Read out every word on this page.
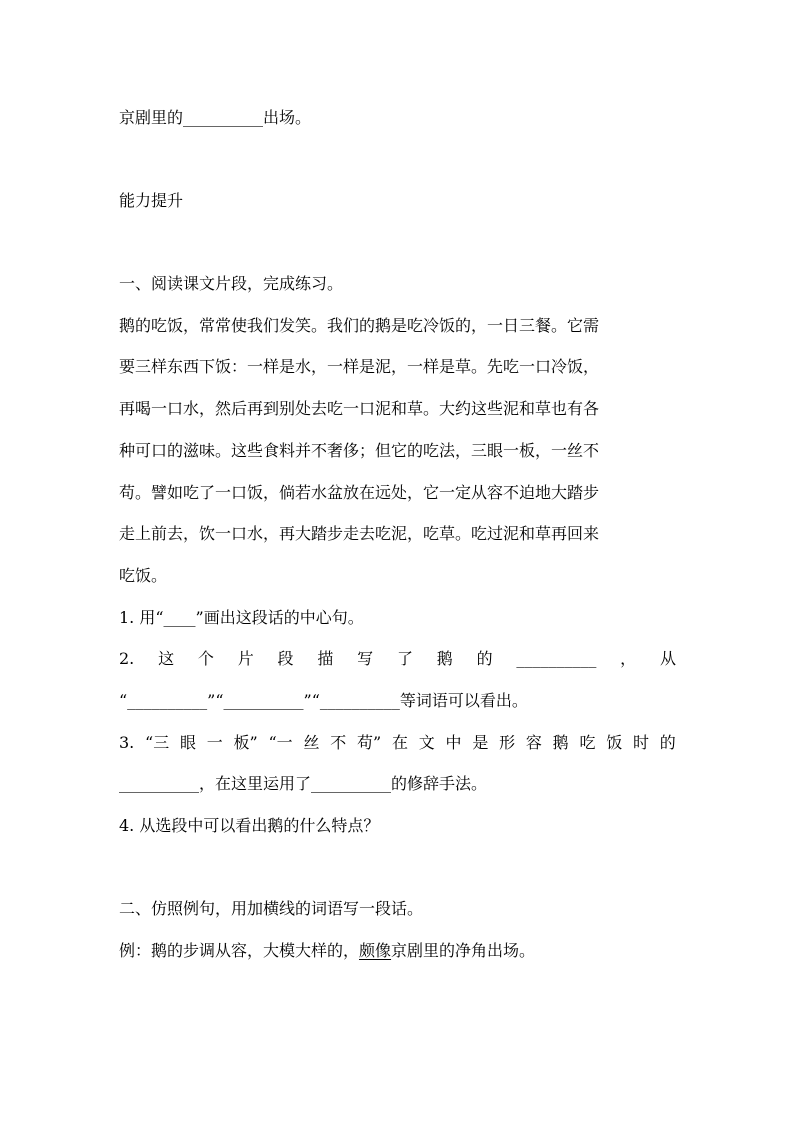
京剧里的__________出场。

能力提升

一、阅读课文片段，完成练习。

鹅的吃饭，常常使我们发笑。我们的鹅是吃冷饭的，一日三餐。它需

要三样东西下饭：一样是水，一样是泥，一样是草。先吃一口冷饭，

再喝一口水，然后再到别处去吃一口泥和草。大约这些泥和草也有各

种可口的滋味。这些食料并不奢侈；但它的吃法，三眼一板，一丝不

苟。譬如吃了一口饭，倘若水盆放在远处，它一定从容不迫地大踏步

走上前去，饮一口水，再大踏步走去吃泥，吃草。吃过泥和草再回来

吃饭。

1. 用“____”画出这段话的中心句。

2. 这 个 片 段 描 写 了 鹅 的 __________ ， 从

“__________”“__________”“__________等词语可以看出。

3. “三 眼 一 板” “一 丝 不 苟” 在 文 中 是 形 容 鹅 吃 饭 时 的

__________，在这里运用了__________的修辞手法。

4. 从选段中可以看出鹅的什么特点？

二、仿照例句，用加横线的词语写一段话。

例：鹅的步调从容，大模大样的，颇像京剧里的净角出场。
